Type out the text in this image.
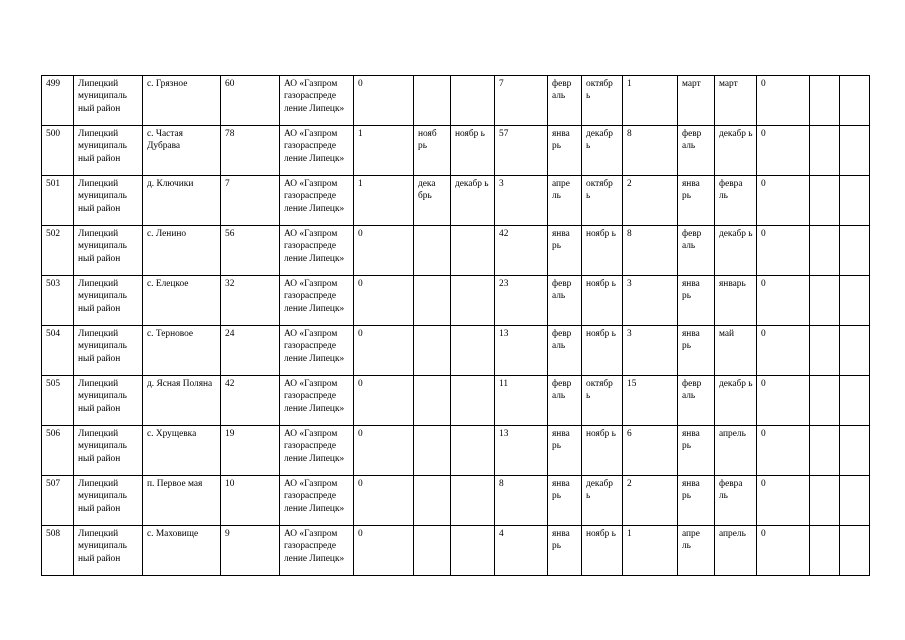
499	Липецкий муниципаль ный район	с. Грязное	60	АО «Газпром газораспреде ление Липецк»	0			7	февр аль	октябр ь	1	март	март	0		

500	Липецкий муниципаль ный район	с. Частая Дубрава	78	АО «Газпром газораспреде ление Липецк»	1	нояб рь	ноябр ь	57	янва рь	декабр ь	8	февр аль	декабр ь	0		

501	Липецкий муниципаль ный район	д. Ключики	7	АО «Газпром газораспреде ление Липецк»	1	дека брь	декабр ь	3	апре ль	октябр ь	2	янва рь	февра ль	0		

502	Липецкий муниципаль ный район	с. Ленино	56	АО «Газпром газораспреде ление Липецк»	0			42	янва рь	ноябр ь	8	февр аль	декабр ь	0		

503	Липецкий муниципаль ный район	с. Елецкое	32	АО «Газпром газораспреде ление Липецк»	0			23	февр аль	ноябр ь	3	янва рь	январь	0		

504	Липецкий муниципаль ный район	с. Терновое	24	АО «Газпром газораспреде ление Липецк»	0			13	февр аль	ноябр ь	3	янва рь	май	0		

505	Липецкий муниципаль ный район	д. Ясная Поляна	42	АО «Газпром газораспреде ление Липецк»	0			11	февр аль	октябр ь	15	февр аль	декабр ь	0		

506	Липецкий муниципаль ный район	с. Хрущевка	19	АО «Газпром газораспреде ление Липецк»	0			13	янва рь	ноябр ь	6	янва рь	апрель	0		

507	Липецкий муниципаль ный район	п. Первое мая	10	АО «Газпром газораспреде ление Липецк»	0			8	янва рь	декабр ь	2	янва рь	февра ль	0		

508	Липецкий муниципаль ный район	с. Маховище	9	АО «Газпром газораспреде ление Липецк»	0			4	янва рь	ноябр ь	1	апре ль	апрель	0		
